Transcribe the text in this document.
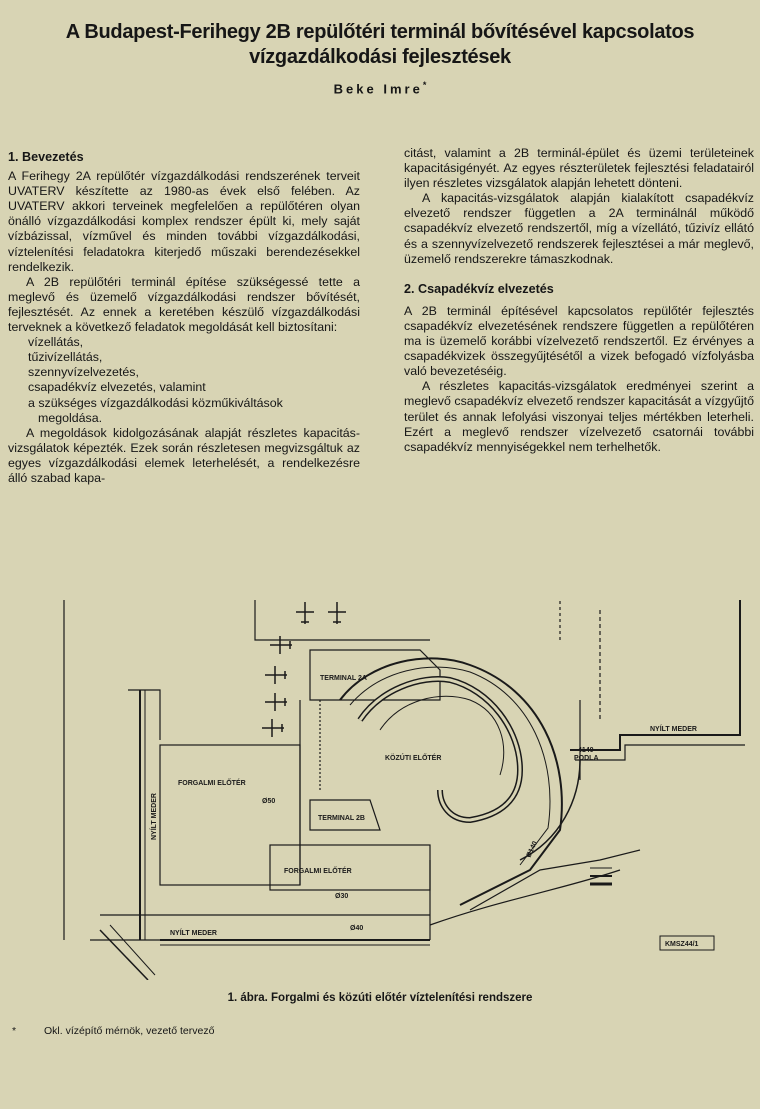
A Budapest-Ferihegy 2B repülőtéri terminál bővítésével kapcsolatos
vízgazdálkodási fejlesztések
Beke Imre*
1. Bevezetés

A Ferihegy 2A repülőtér vízgazdálkodási rendszerének terveit UVATERV készítette az 1980-as évek első felében. Az UVATERV akkori terveinek megfelelően a repülőtéren olyan önálló vízgazdálkodási komplex rendszer épült ki, mely saját vízbázissal, vízművel és minden további vízgazdálkodási, víztelenítési feladatokra kiterjedő műszaki berendezésekkel rendelkezik.

A 2B repülőtéri terminál építése szükségessé tette a meglevő és üzemelő vízgazdálkodási rendszer bővítését, fejlesztését. Az ennek a keretében készülő vízgazdálkodási terveknek a következő feladatok megoldását kell biztosítani:

vízellátás,
tűzivízellátás,
szennyvízelvezetés,
csapadékvíz elvezetés, valamint
a szükséges vízgazdálkodási közműkiváltások
megoldása.

A megoldások kidolgozásának alapját részletes kapacitás-vizsgálatok képezték. Ezek során részletesen megvizsgáltuk az egyes vízgazdálkodási elemek leterhelését, a rendelkezésre álló szabad kapa-

citást, valamint a 2B terminál-épület és üzemi területeinek kapacitásigényét. Az egyes részterületek fejlesztési feladatairól ilyen részletes vizsgálatok alapján lehetett dönteni.

A kapacitás-vizsgálatok alapján kialakított csapadékvíz elvezető rendszer független a 2A terminálnál működő csapadékvíz elvezető rendszertől, míg a vízellátó, tűzivíz ellátó és a szennyvízelvezető rendszerek fejlesztései a már meglevő, üzemelő rendszerekre támaszkodnak.

2. Csapadékvíz elvezetés

A 2B terminál építésével kapcsolatos repülőtér fejlesztés csapadékvíz elvezetésének rendszere független a repülőtéren ma is üzemelő korábbi vízelvezető rendszertől. Ez érvényes a csapadékvizek összegyűjtésétől a vizek befogadó vízfolyásba való bevezetéséig.

A részletes kapacitás-vizsgálatok eredményei szerint a meglevő csapadékvíz elvezető rendszer kapacitását a vízgyűjtő terület és annak lefolyási viszonyai teljes mértékben leterheli. Ezért a meglevő rendszer vízelvezető csatornái további csapadékvíz mennyiségekkel nem terhelhetők.

TERMINAL 2A
TERMINAL 2B
KÖZÚTI ELŐTÉR
FORGALMI ELŐTÉR
FORGALMI ELŐTÉR
NYÍLT MEDER
NYÍLT MEDER
NYÍLT MEDER
Ø50
Ø30
Ø40
Ø140
4140
PODLA
KMSZ44/1
1. ábra. Forgalmi és közúti előtér víztelenítési rendszere
*	Okl. vízépítő mérnök, vezető tervező
